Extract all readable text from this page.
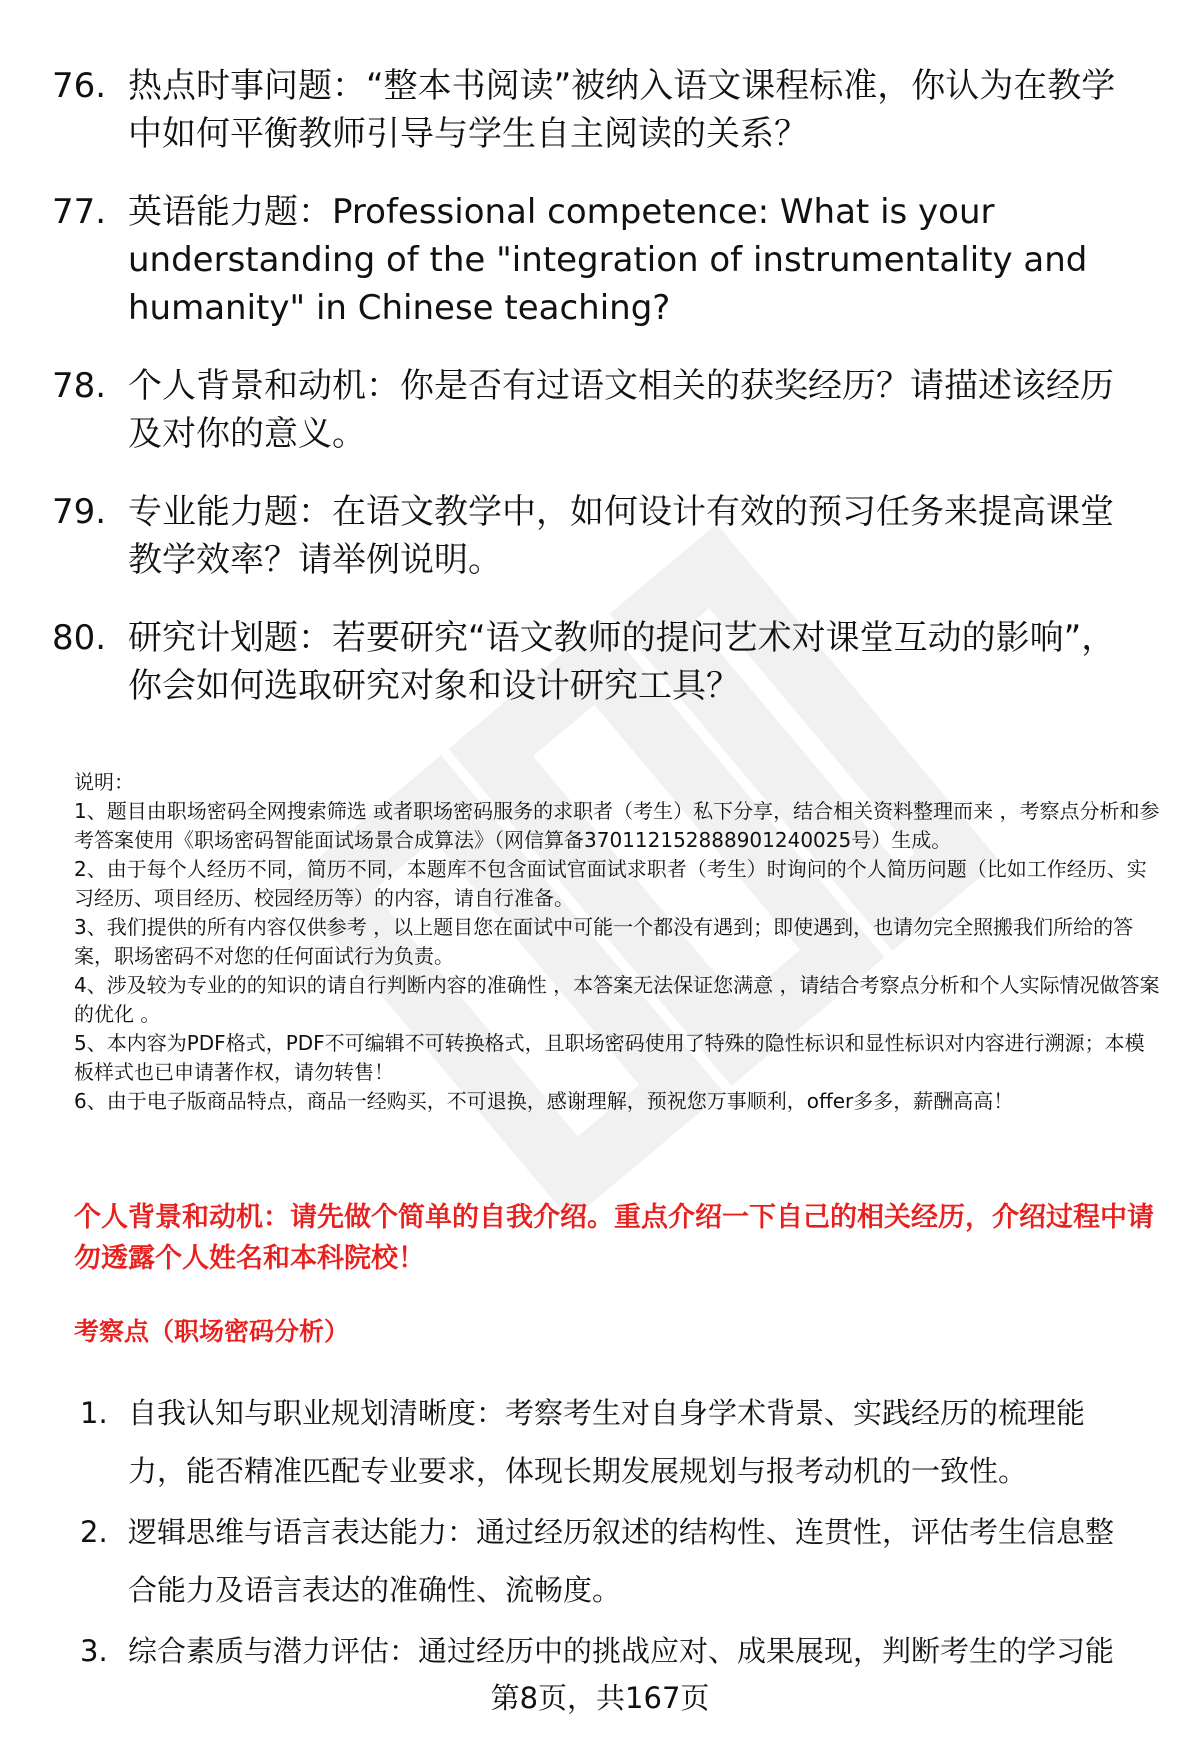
76. 热点时事问题：“整本书阅读”被纳入语文课程标准，你认为在教学中如何平衡教师引导与学生自主阅读的关系？
77. 英语能力题：Professional competence: What is your understanding of the "integration of instrumentality and humanity" in Chinese teaching?
78. 个人背景和动机：你是否有过语文相关的获奖经历？请描述该经历及对你的意义。
79. 专业能力题：在语文教学中，如何设计有效的预习任务来提高课堂教学效率？请举例说明。
80. 研究计划题：若要研究“语文教师的提问艺术对课堂互动的影响”，你会如何选取研究对象和设计研究工具？
说明：
1、题目由职场密码全网搜索筛选 或者职场密码服务的求职者（考生）私下分享，结合相关资料整理而来 ，考察点分析和参考答案使用《职场密码智能面试场景合成算法》（网信算备370112152888901240025号）生成。
2、由于每个人经历不同，简历不同，本题库不包含面试官面试求职者（考生）时询问的个人简历问题（比如工作经历、实习经历、项目经历、校园经历等）的内容，请自行准备。
3、我们提供的所有内容仅供参考 ，以上题目您在面试中可能一个都没有遇到；即使遇到，也请勿完全照搬我们所给的答案，职场密码不对您的任何面试行为负责。
4、涉及较为专业的的知识的请自行判断内容的准确性 ，本答案无法保证您满意 ，请结合考察点分析和个人实际情况做答案的优化 。
5、本内容为PDF格式，PDF不可编辑不可转换格式，且职场密码使用了特殊的隐性标识和显性标识对内容进行溯源；本模板样式也已申请著作权，请勿转售！
6、由于电子版商品特点，商品一经购买，不可退换，感谢理解，预祝您万事顺利，offer多多，薪酬高高！
个人背景和动机：请先做个简单的自我介绍。重点介绍一下自己的相关经历，介绍过程中请勿透露个人姓名和本科院校！
考察点（职场密码分析）
1. 自我认知与职业规划清晰度：考察考生对自身学术背景、实践经历的梳理能力，能否精准匹配专业要求，体现长期发展规划与报考动机的一致性。
2. 逻辑思维与语言表达能力：通过经历叙述的结构性、连贯性，评估考生信息整合能力及语言表达的准确性、流畅度。
3. 综合素质与潜力评估：通过经历中的挑战应对、成果展现，判断考生的学习能
第8页，共167页
